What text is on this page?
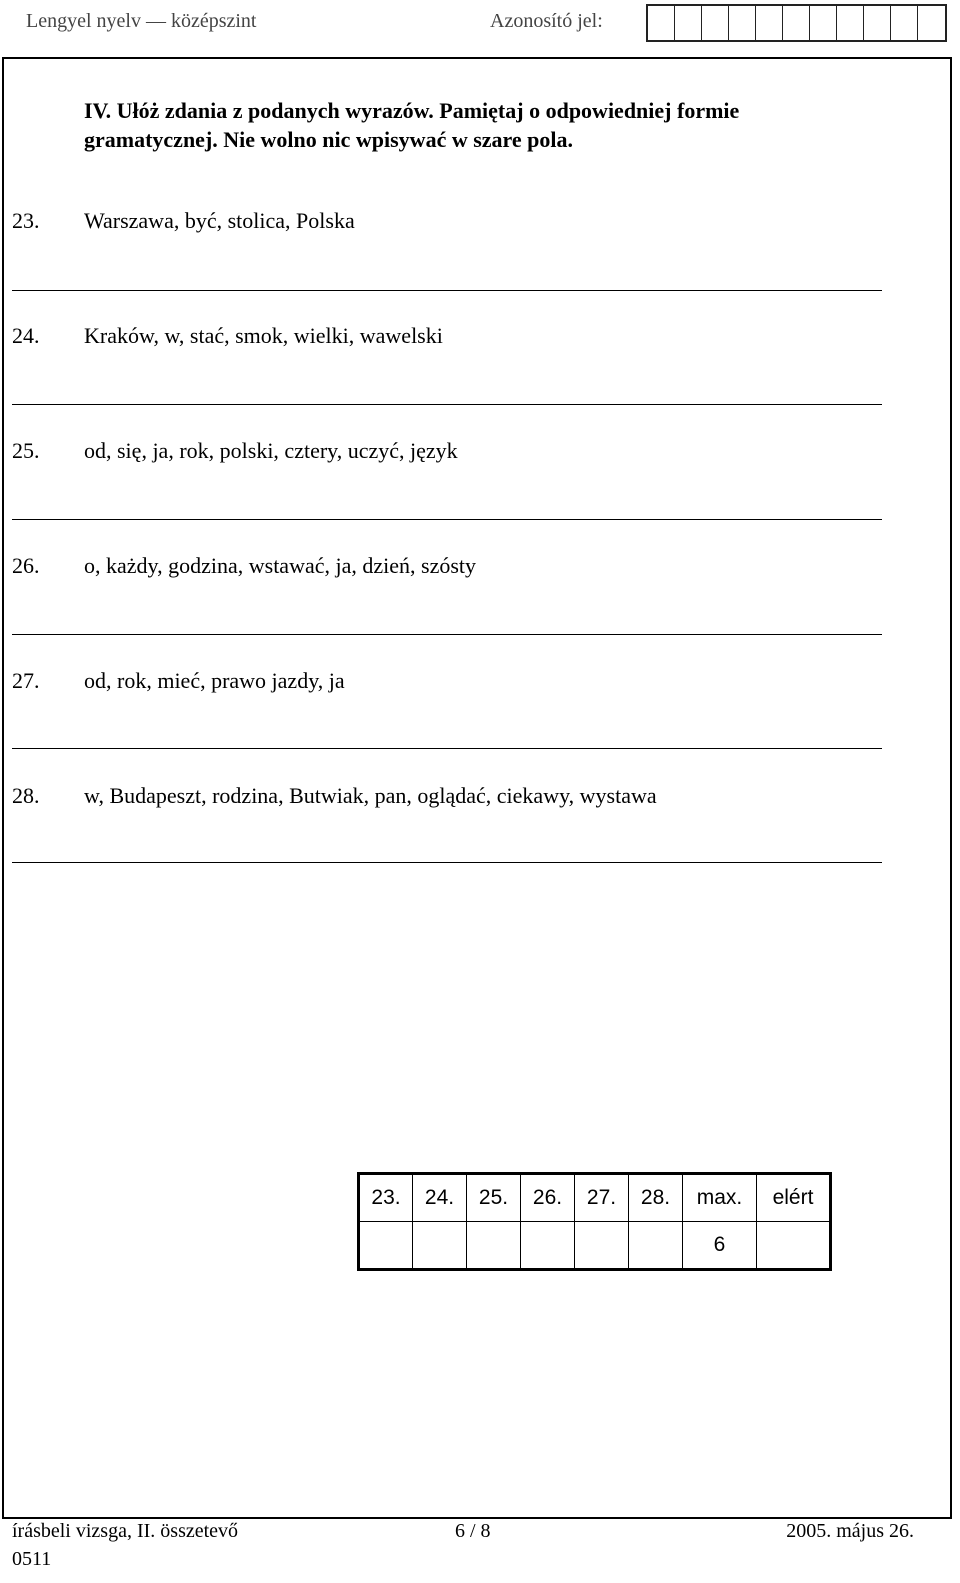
Lengyel nyelv — középszint	Azonosító jel:
IV. Ułóż zdania z podanych wyrazów. Pamiętaj o odpowiedniej formie gramatycznej. Nie wolno nic wpisywać w szare pola.
23. Warszawa, być, stolica, Polska
24. Kraków, w, stać, smok, wielki, wawelski
25. od, się, ja, rok, polski, cztery, uczyć, język
26. o, każdy, godzina, wstawać, ja, dzień, szósty
27. od, rok, mieć, prawo jazdy, ja
28. w, Budapeszt, rodzina, Butwiak, pan, oglądać, ciekawy, wystawa
23.	24.	25.	26.	27.	28.	max.	elért
						6	
írásbeli vizsga, II. összetevő
0511
6 / 8	2005. május 26.
